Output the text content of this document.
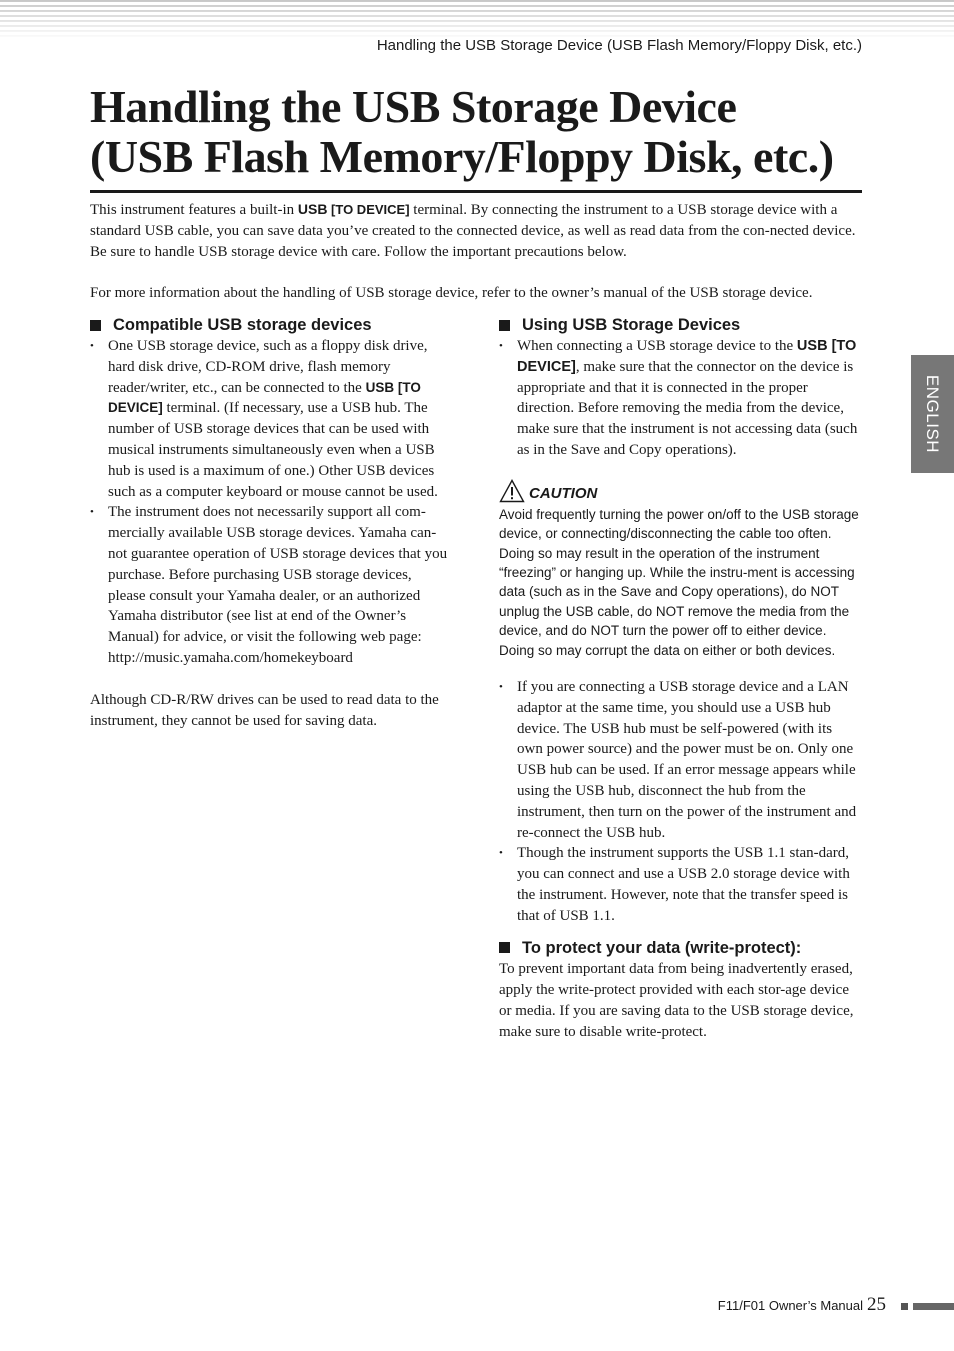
Handling the USB Storage Device (USB Flash Memory/Floppy Disk, etc.)
Handling the USB Storage Device
(USB Flash Memory/Floppy Disk, etc.)

This instrument features a built-in USB [TO DEVICE] terminal. By connecting the instrument to a USB storage device with a standard USB cable, you can save data you’ve created to the connected device, as well as read data from the con-nected device. Be sure to handle USB storage device with care. Follow the important precautions below.

For more information about the handling of USB storage device, refer to the owner’s manual of the USB storage device.

Compatible USB storage devices
• One USB storage device, such as a floppy disk drive, hard disk drive, CD-ROM drive, flash memory reader/writer, etc., can be connected to the USB [TO DEVICE] terminal. (If necessary, use a USB hub. The number of USB storage devices that can be used with musical instruments simultaneously even when a USB hub is used is a maximum of one.) Other USB devices such as a computer keyboard or mouse cannot be used.
• The instrument does not necessarily support all com-mercially available USB storage devices. Yamaha can-not guarantee operation of USB storage devices that you purchase. Before purchasing USB storage devices, please consult your Yamaha dealer, or an authorized Yamaha distributor (see list at end of the Owner’s Manual) for advice, or visit the following web page: http://music.yamaha.com/homekeyboard

Although CD-R/RW drives can be used to read data to the instrument, they cannot be used for saving data.

Using USB Storage Devices
• When connecting a USB storage device to the USB [TO DEVICE], make sure that the connector on the device is appropriate and that it is connected in the proper direction. Before removing the media from the device, make sure that the instrument is not accessing data (such as in the Save and Copy operations).
CAUTION

Avoid frequently turning the power on/off to the USB storage device, or connecting/disconnecting the cable too often. Doing so may result in the operation of the instrument “freezing” or hanging up. While the instru-ment is accessing data (such as in the Save and Copy operations), do NOT unplug the USB cable, do NOT remove the media from the device, and do NOT turn the power off to either device. Doing so may corrupt the data on either or both devices.

• If you are connecting a USB storage device and a LAN adaptor at the same time, you should use a USB hub device. The USB hub must be self-powered (with its own power source) and the power must be on. Only one USB hub can be used. If an error message appears while using the USB hub, disconnect the hub from the instrument, then turn on the power of the instrument and re-connect the USB hub.
• Though the instrument supports the USB 1.1 stan-dard, you can connect and use a USB 2.0 storage device with the instrument. However, note that the transfer speed is that of USB 1.1.
To protect your data (write-protect):

To prevent important data from being inadvertently erased, apply the write-protect provided with each stor-age device or media. If you are saving data to the USB storage device, make sure to disable write-protect.

ENGLISH
F11/F01 Owner’s Manual 25
